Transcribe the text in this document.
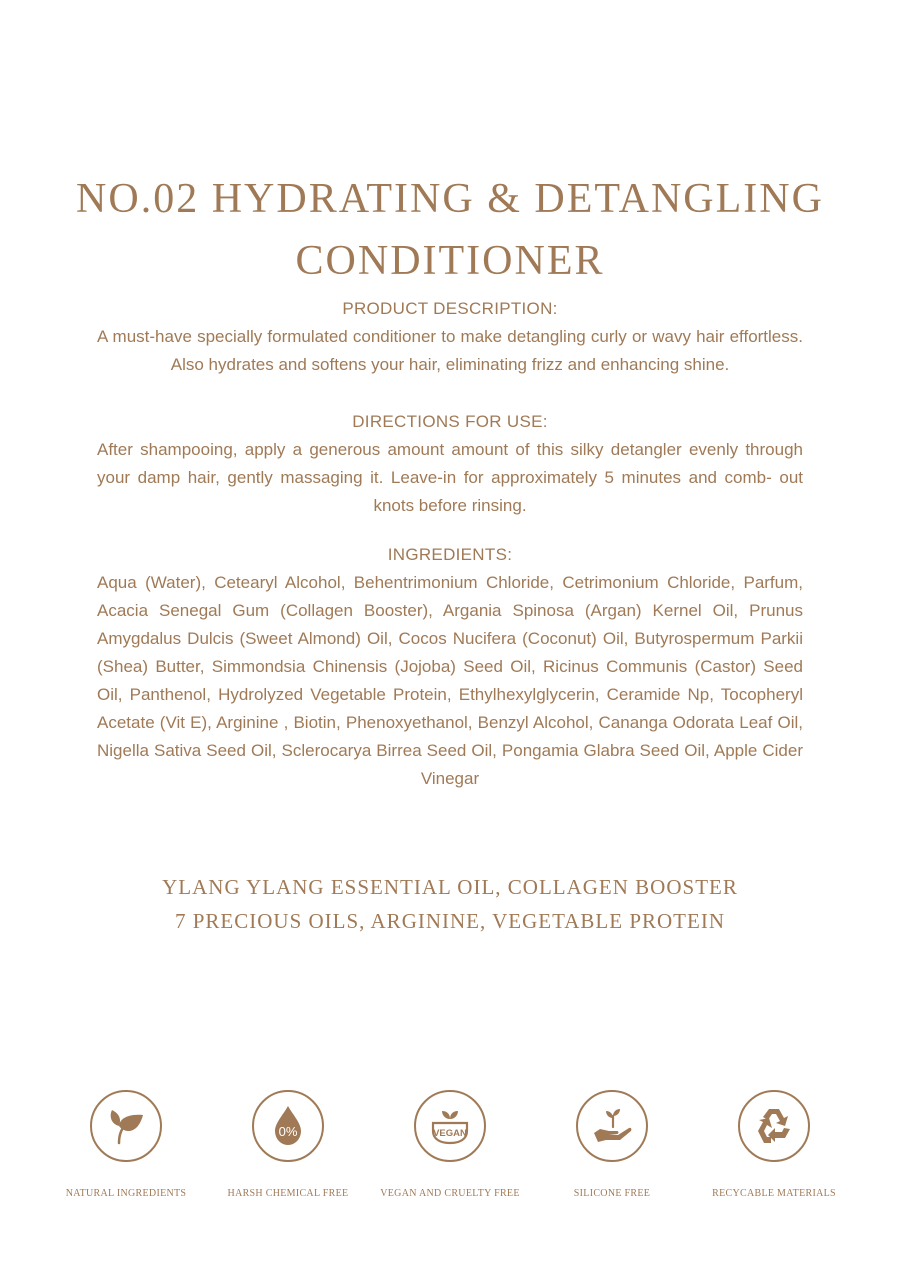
NO.02 HYDRATING & DETANGLING
CONDITIONER
PRODUCT DESCRIPTION:
A must-have specially formulated conditioner to make detangling curly or wavy hair effortless. Also hydrates and softens your hair, eliminating frizz and enhancing shine.
DIRECTIONS FOR USE:
After shampooing, apply a generous amount amount of this silky detangler evenly through your damp hair, gently massaging it. Leave-in for approximately 5 minutes and comb- out knots before rinsing.
INGREDIENTS:
Aqua (Water), Cetearyl Alcohol, Behentrimonium Chloride, Cetrimonium Chloride, Parfum, Acacia Senegal Gum (Collagen Booster), Argania Spinosa (Argan) Kernel Oil, Prunus Amygdalus Dulcis (Sweet Almond) Oil, Cocos Nucifera (Coconut) Oil, Butyrospermum Parkii (Shea) Butter, Simmondsia Chinensis (Jojoba) Seed Oil, Ricinus Communis (Castor) Seed Oil, Panthenol, Hydrolyzed Vegetable Protein, Ethylhexylglycerin, Ceramide Np, Tocopheryl Acetate (Vit E), Arginine , Biotin, Phenoxyethanol, Benzyl Alcohol, Cananga Odorata Leaf Oil, Nigella Sativa Seed Oil, Sclerocarya Birrea Seed Oil, Pongamia Glabra Seed Oil, Apple Cider Vinegar
YLANG YLANG ESSENTIAL OIL, COLLAGEN BOOSTER
7 PRECIOUS OILS, ARGININE, VEGETABLE PROTEIN
NATURAL INGREDIENTS
0%
HARSH CHEMICAL FREE
VEGAN
VEGAN AND CRUELTY FREE	SILICONE FREE	RECYCABLE MATERIALS
